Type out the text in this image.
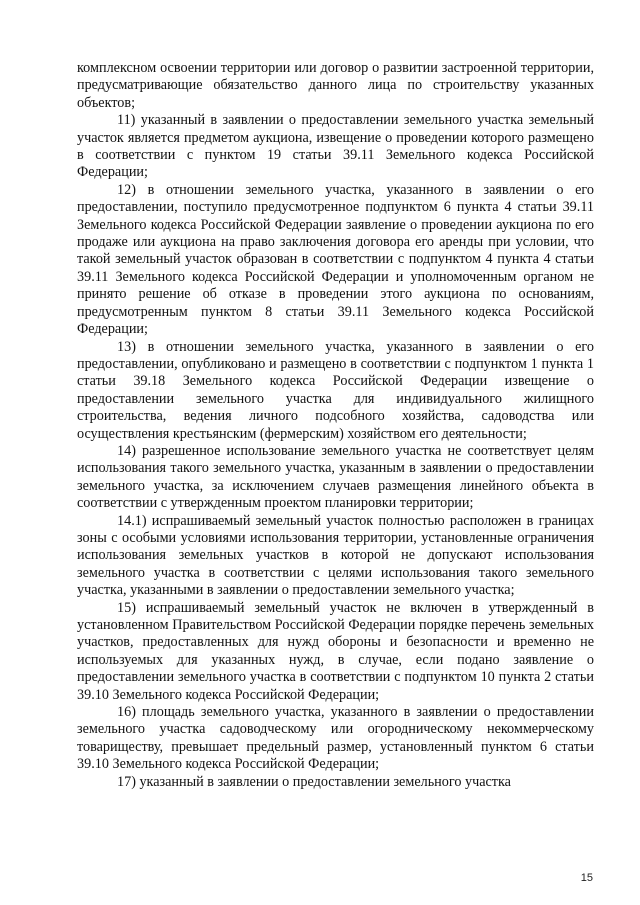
комплексном освоении территории или договор о развитии застроенной территории, предусматривающие обязательство данного лица по строительству указанных объектов;

11) указанный в заявлении о предоставлении земельного участка земельный участок является предметом аукциона, извещение о проведении которого размещено в соответствии с пунктом 19 статьи 39.11 Земельного кодекса Российской Федерации;

12) в отношении земельного участка, указанного в заявлении о его предоставлении, поступило предусмотренное подпунктом 6 пункта 4 статьи 39.11 Земельного кодекса Российской Федерации заявление о проведении аукциона по его продаже или аукциона на право заключения договора его аренды при условии, что такой земельный участок образован в соответствии с подпунктом 4 пункта 4 статьи 39.11 Земельного кодекса Российской Федерации и уполномоченным органом не принято решение об отказе в проведении этого аукциона по основаниям, предусмотренным пунктом 8 статьи 39.11 Земельного кодекса Российской Федерации;

13) в отношении земельного участка, указанного в заявлении о его предоставлении, опубликовано и размещено в соответствии с подпунктом 1 пункта 1 статьи 39.18 Земельного кодекса Российской Федерации извещение о предоставлении земельного участка для индивидуального жилищного строительства, ведения личного подсобного хозяйства, садоводства или осуществления крестьянским (фермерским) хозяйством его деятельности;

14) разрешенное использование земельного участка не соответствует целям использования такого земельного участка, указанным в заявлении о предоставлении земельного участка, за исключением случаев размещения линейного объекта в соответствии с утвержденным проектом планировки территории;

14.1) испрашиваемый земельный участок полностью расположен в границах зоны с особыми условиями использования территории, установленные ограничения использования земельных участков в которой не допускают использования земельного участка в соответствии с целями использования такого земельного участка, указанными в заявлении о предоставлении земельного участка;

15) испрашиваемый земельный участок не включен в утвержденный в установленном Правительством Российской Федерации порядке перечень земельных участков, предоставленных для нужд обороны и безопасности и временно не используемых для указанных нужд, в случае, если подано заявление о предоставлении земельного участка в соответствии с подпунктом 10 пункта 2 статьи 39.10 Земельного кодекса Российской Федерации;

16) площадь земельного участка, указанного в заявлении о предоставлении земельного участка садоводческому или огородническому некоммерческому товариществу, превышает предельный размер, установленный пунктом 6 статьи 39.10 Земельного кодекса Российской Федерации;

17) указанный в заявлении о предоставлении земельного участка

15
